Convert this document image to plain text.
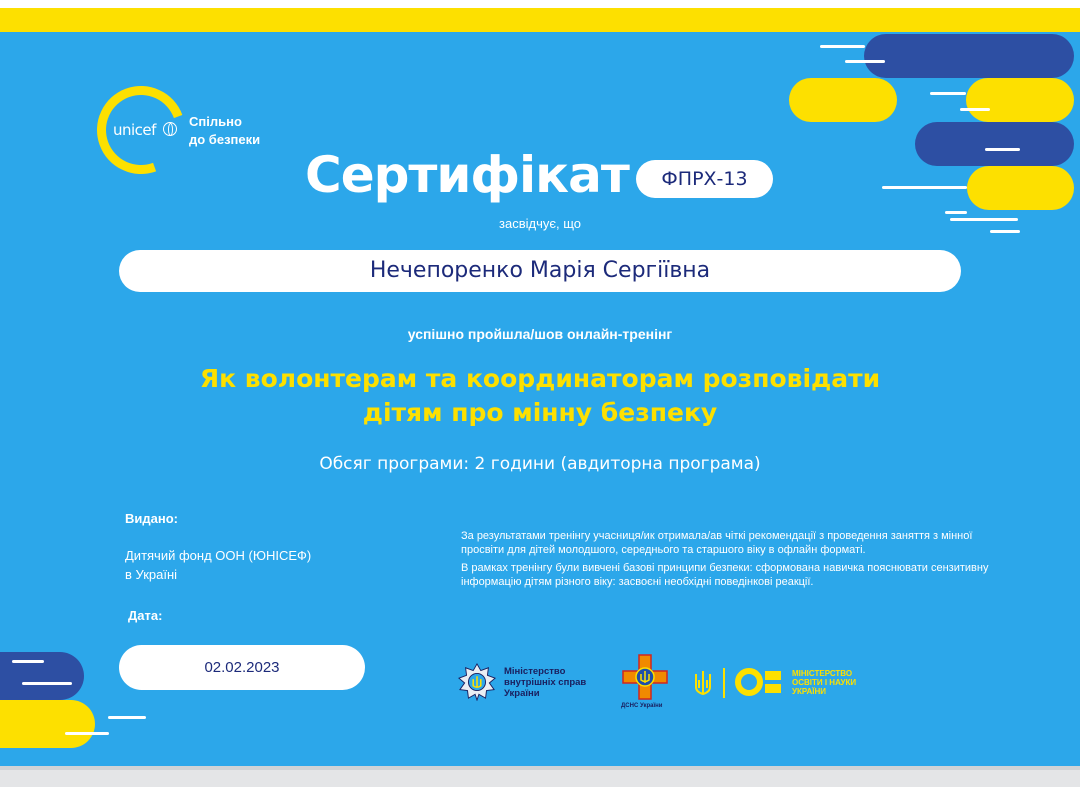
unicef	Спільно
до безпеки
Сертифікат	ФПРХ-13
засвідчує, що
Нечепоренко Марія Сергіївна
успішно пройшла/шов онлайн-тренінг
Як волонтерам та координаторам розповідати
дітям про мінну безпеку
Обсяг програми: 2 години (авдиторна програма)
Видано:
Дитячий фонд ООН (ЮНІСЕФ)
в Україні
Дата:
02.02.2023

За результатами тренінгу учасниця/ик отримала/ав чіткі рекомендації з проведення заняття з мінної просвіти для дітей молодшого, середнього та старшого віку в офлайн форматі.

В рамках тренінгу були вивчені базові принципи безпеки: сформована навичка пояснювати сензитивну інформацію дітям різного віку: засвоєні необхідні поведінкові реакції.

Міністерство
внутрішніх справ
України
ДСНС України
МІНІСТЕРСТВО
ОСВІТИ І НАУКИ
УКРАЇНИ
